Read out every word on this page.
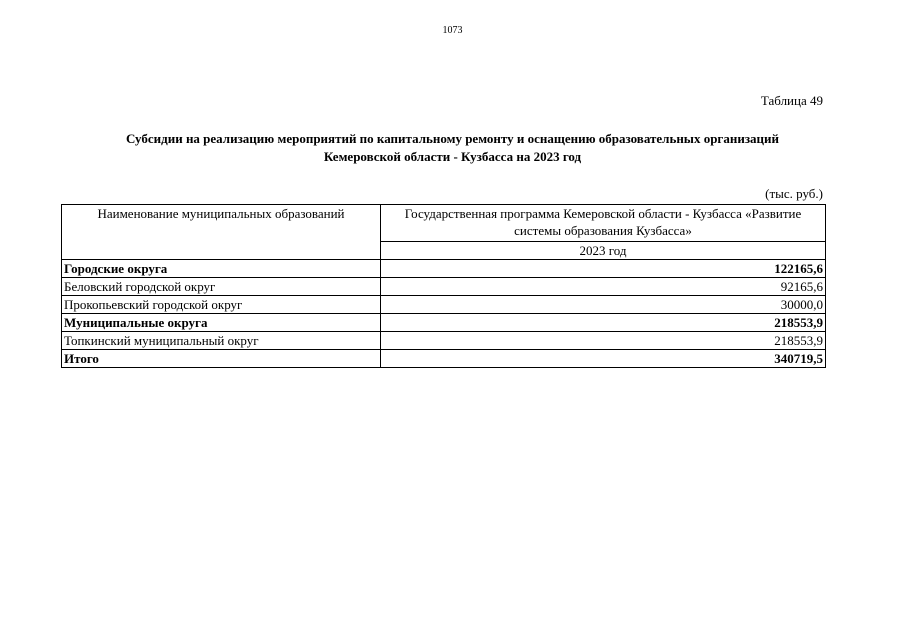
1073
Таблица 49
Субсидии на реализацию мероприятий по капитальному ремонту и оснащению образовательных организаций
Кемеровской области - Кузбасса на 2023 год
(тыс. руб.)
Наименование муниципальных образований	Государственная программа Кемеровской области - Кузбасса «Развитие системы образования Кузбасса»
	2023 год
Городские округа	122165,6
Беловский городской округ	92165,6
Прокопьевский городской округ	30000,0
Муниципальные округа	218553,9
Топкинский муниципальный округ	218553,9
Итого	340719,5
